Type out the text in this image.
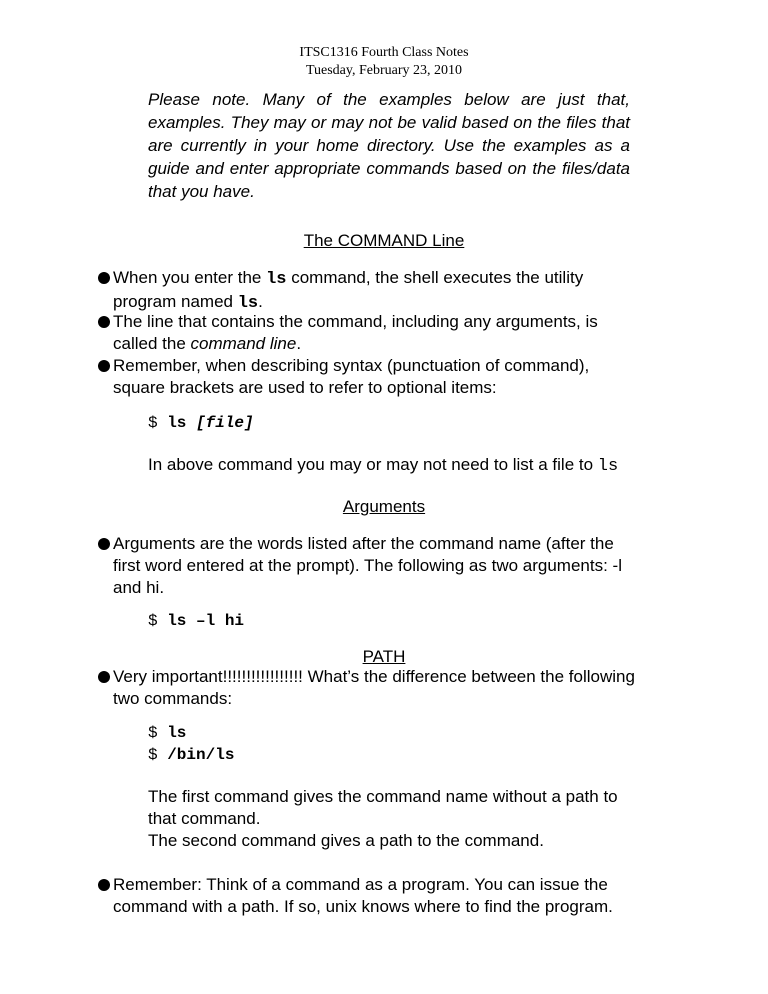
ITSC1316 Fourth Class Notes
Tuesday, February 23, 2010
Please note. Many of the examples below are just that, examples. They may or may not be valid based on the files that are currently in your home directory. Use the examples as a guide and enter appropriate commands based on the files/data that you have.
The COMMAND Line
When you enter the ls command, the shell executes the utility program named ls.
The line that contains the command, including any arguments, is called the command line.
Remember, when describing syntax (punctuation of command), square brackets are used to refer to optional items:
$ ls [file]
In above command you may or may not need to list a file to ls
Arguments
Arguments are the words listed after the command name (after the first word entered at the prompt). The following as two arguments: -l and hi.
$ ls –l hi
PATH
Very important!!!!!!!!!!!!!!!!! What’s the difference between the following two commands:
$ ls
$ /bin/ls
The first command gives the command name without a path to that command.
The second command gives a path to the command.
Remember: Think of a command as a program. You can issue the command with a path. If so, unix knows where to find the program.
